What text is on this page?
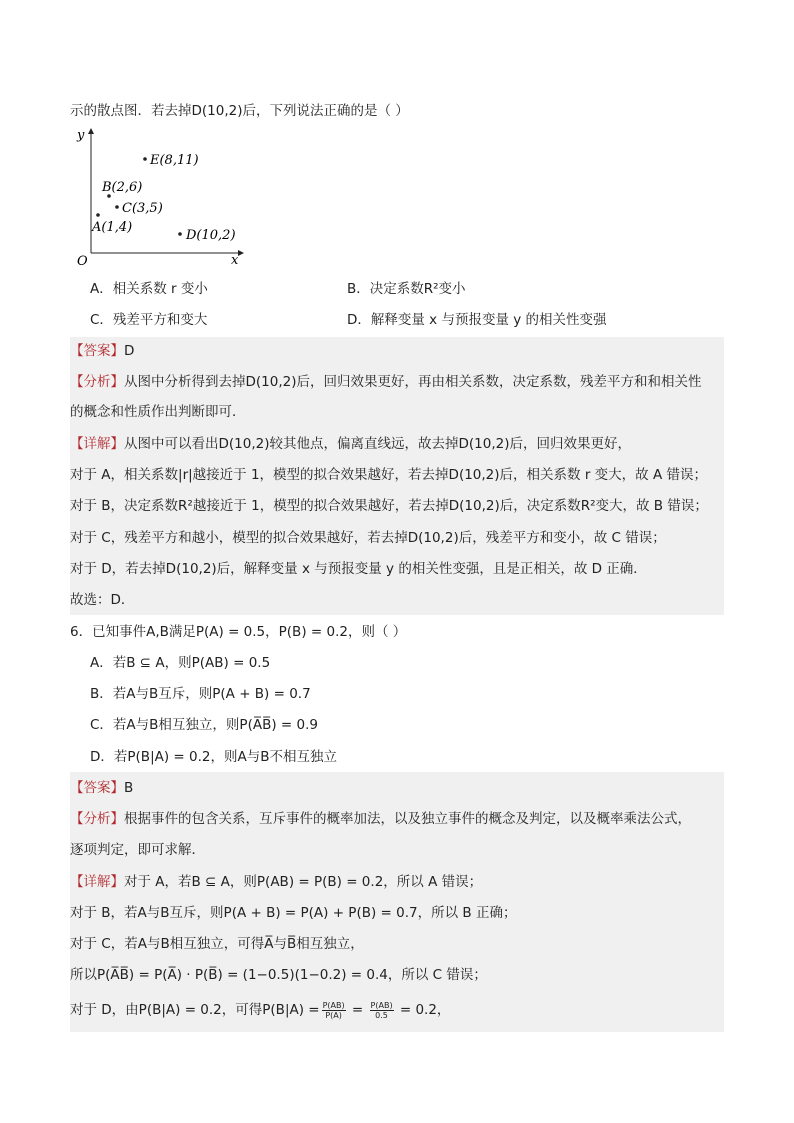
示的散点图．若去掉D(10,2)后，下列说法正确的是（ ）
y
x
O
E(8,11)
B(2,6)
C(3,5)
A(1,4)
D(10,2)
A．相关系数 r 变小	B．决定系数R²变小
C．残差平方和变大	D．解释变量 x 与预报变量 y 的相关性变强
【答案】D
【分析】从图中分析得到去掉D(10,2)后，回归效果更好，再由相关系数，决定系数，残差平方和和相关性
的概念和性质作出判断即可．
【详解】从图中可以看出D(10,2)较其他点，偏离直线远，故去掉D(10,2)后，回归效果更好，
对于 A，相关系数|r|越接近于 1，模型的拟合效果越好，若去掉D(10,2)后，相关系数 r 变大，故 A 错误；
对于 B，决定系数R²越接近于 1，模型的拟合效果越好，若去掉D(10,2)后，决定系数R²变大，故 B 错误；
对于 C，残差平方和越小，模型的拟合效果越好，若去掉D(10,2)后，残差平方和变小，故 C 错误；
对于 D，若去掉D(10,2)后，解释变量 x 与预报变量 y 的相关性变强，且是正相关，故 D 正确．
故选：D．
6．已知事件A,B满足P(A) = 0.5，P(B) = 0.2，则（ ）
A．若B ⊆ A，则P(AB) = 0.5
B．若A与B互斥，则P(A + B) = 0.7
C．若A与B相互独立，则P(A̅B̅) = 0.9
D．若P(B|A) = 0.2，则A与B不相互独立
【答案】B
【分析】根据事件的包含关系，互斥事件的概率加法，以及独立事件的概念及判定，以及概率乘法公式，
逐项判定，即可求解．
【详解】对于 A，若B ⊆ A，则P(AB) = P(B) = 0.2，所以 A 错误；
对于 B，若A与B互斥，则P(A + B) = P(A) + P(B) = 0.7，所以 B 正确；
对于 C，若A与B相互独立，可得A̅与B̅相互独立，
所以P(A̅B̅) = P(A̅) · P(B̅) = (1−0.5)(1−0.2) = 0.4，所以 C 错误；
对于 D，由P(B|A) = 0.2，可得$P(B|A) = \frac{P(AB)}{P(A)} = \frac{P(AB)}{0.5} = 0.2$，
